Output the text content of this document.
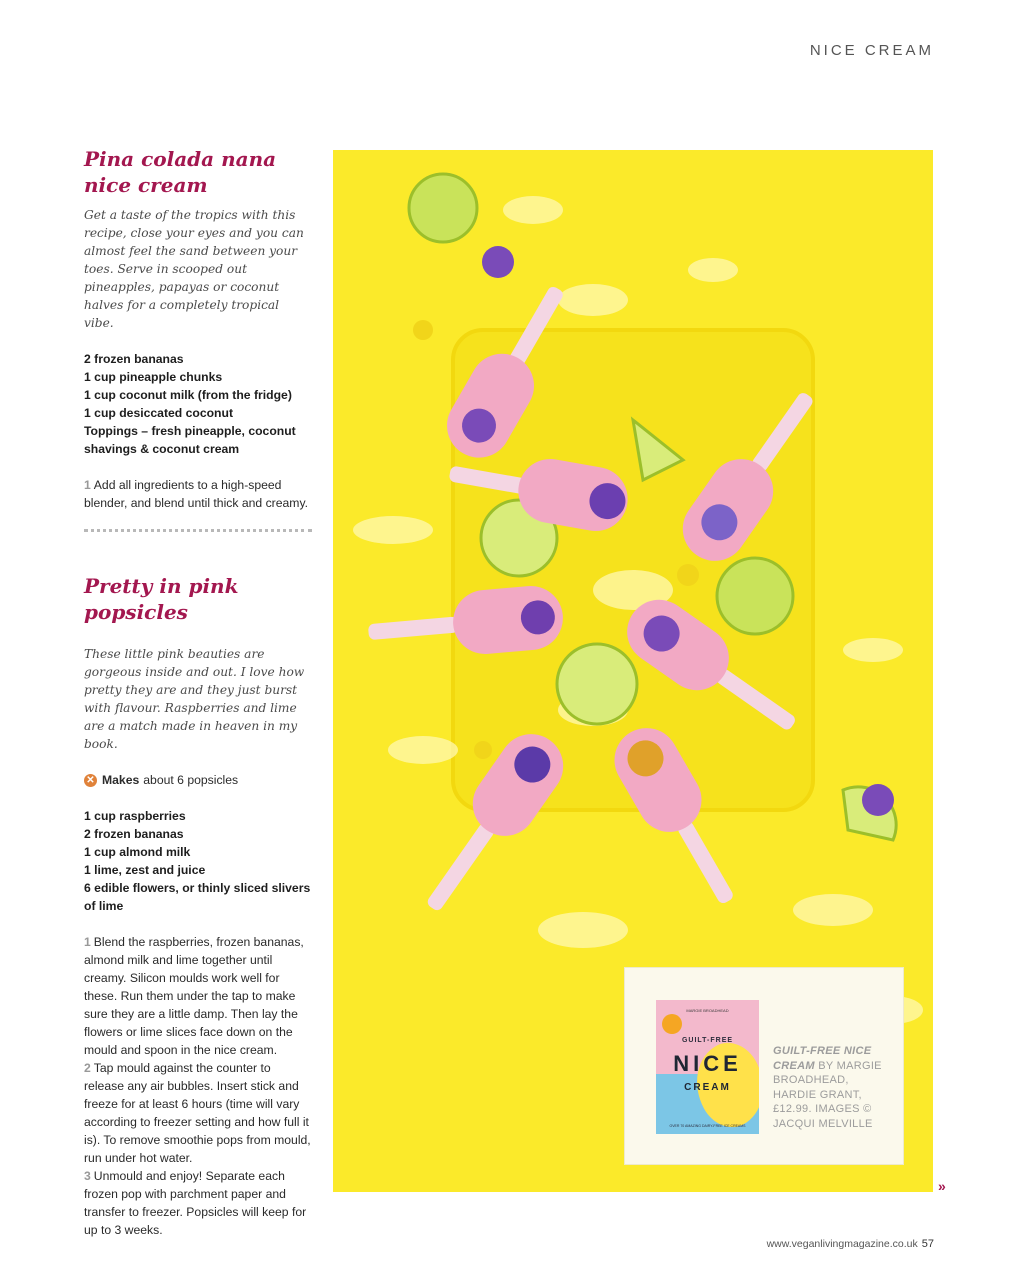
NICE CREAM
Pina colada nana
nice cream

Get a taste of the tropics with this recipe, close your eyes and you can almost feel the sand between your toes. Serve in scooped out pineapples, papayas or coconut halves for a completely tropical vibe.

2 frozen bananas
1 cup pineapple chunks
1 cup coconut milk (from the fridge)
1 cup desiccated coconut
Toppings – fresh pineapple, coconut shavings & coconut cream

1 Add all ingredients to a high-speed blender, and blend until thick and creamy.

Pretty in pink popsicles

These little pink beauties are gorgeous inside and out. I love how pretty they are and they just burst with flavour. Raspberries and lime are a match made in heaven in my book.

✕ Makes about 6 popsicles
1 cup raspberries
2 frozen bananas
1 cup almond milk
1 lime, zest and juice
6 edible flowers, or thinly sliced slivers of lime

1 Blend the raspberries, frozen bananas, almond milk and lime together until creamy. Silicon moulds work well for these. Run them under the tap to make sure they are a little damp. Then lay the flowers or lime slices face down on the mould and spoon in the nice cream.

2 Tap mould against the counter to release any air bubbles. Insert stick and freeze for at least 6 hours (time will vary according to freezer setting and how full it is). To remove smoothie pops from mould, run under hot water.

3 Unmould and enjoy! Separate each frozen pop with parchment paper and transfer to freezer. Popsicles will keep for up to 3 weeks.

MARGIE BROADHEAD
GUILT-FREE
NICE
CREAM
OVER 70 AMAZING DAIRY-FREE ICE CREAMS
GUILT-FREE NICE CREAM BY MARGIE BROADHEAD, HARDIE GRANT, £12.99. IMAGES © JACQUI MELVILLE
»
www.veganlivingmagazine.co.uk 57
